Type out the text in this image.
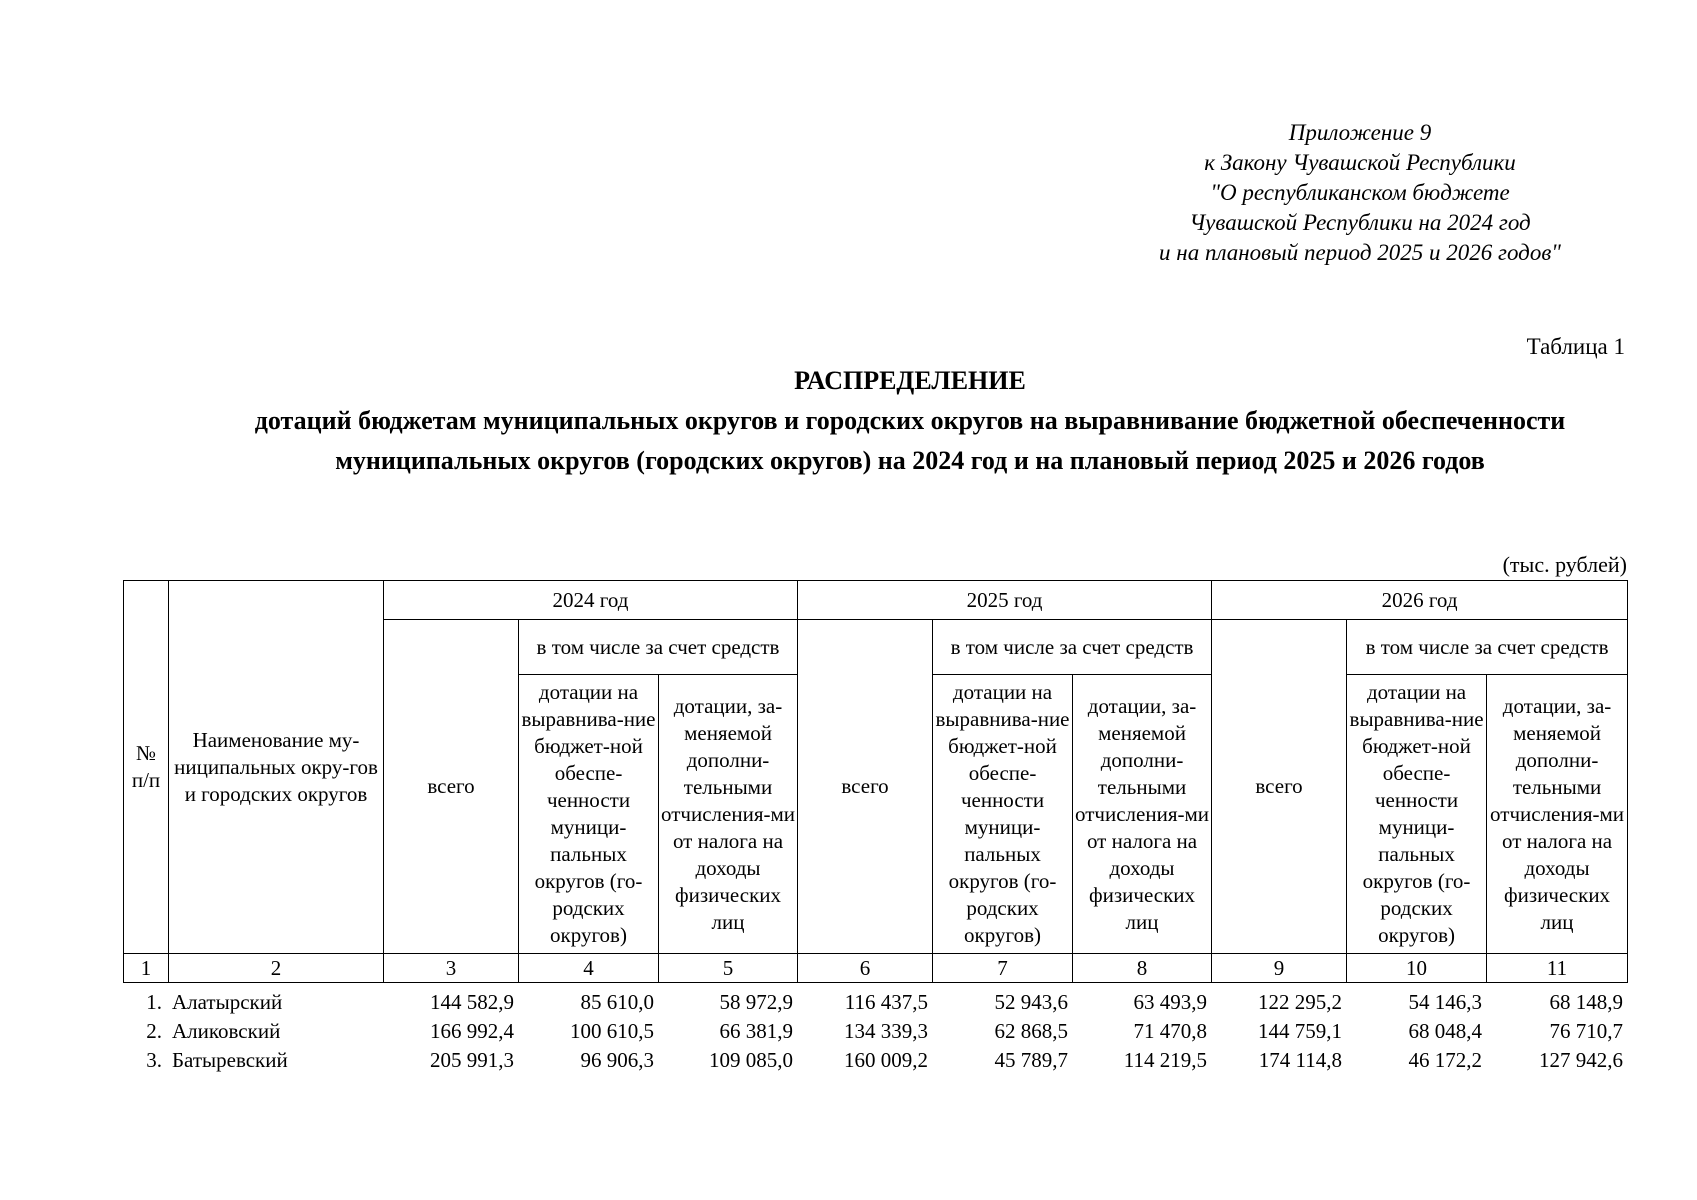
Приложение 9
к Закону Чувашской Республики
"О республиканском бюджете
Чувашской Республики на 2024 год
и на плановый период 2025 и 2026 годов"
Таблица 1
РАСПРЕДЕЛЕНИЕ
дотаций бюджетам муниципальных округов и городских округов на выравнивание бюджетной обеспеченности
муниципальных округов (городских округов) на 2024 год и на плановый период 2025 и 2026 годов
(тыс. рублей)
№ п/п	Наименование му-ниципальных окру-гов и городских округов	2024 год			2025 год			2026 год		
		всего	в том числе за счет средств		всего	в том числе за счет средств		всего	в том числе за счет средств	
			дотации на выравнива-ние бюджет-ной обеспе-ченности муници-пальных округов (го-родских округов)	дотации, за-меняемой дополни-тельными отчисления-ми от налога на доходы физических лиц		дотации на выравнива-ние бюджет-ной обеспе-ченности муници-пальных округов (го-родских округов)	дотации, за-меняемой дополни-тельными отчисления-ми от налога на доходы физических лиц		дотации на выравнива-ние бюджет-ной обеспе-ченности муници-пальных округов (го-родских округов)	дотации, за-меняемой дополни-тельными отчисления-ми от налога на доходы физических лиц
1	2	3	4	5	6	7	8	9	10	11
1.	Алатырский	144 582,9	85 610,0	58 972,9	116 437,5	52 943,6	63 493,9	122 295,2	54 146,3	68 148,9
2.	Аликовский	166 992,4	100 610,5	66 381,9	134 339,3	62 868,5	71 470,8	144 759,1	68 048,4	76 710,7
3.	Батыревский	205 991,3	96 906,3	109 085,0	160 009,2	45 789,7	114 219,5	174 114,8	46 172,2	127 942,6
